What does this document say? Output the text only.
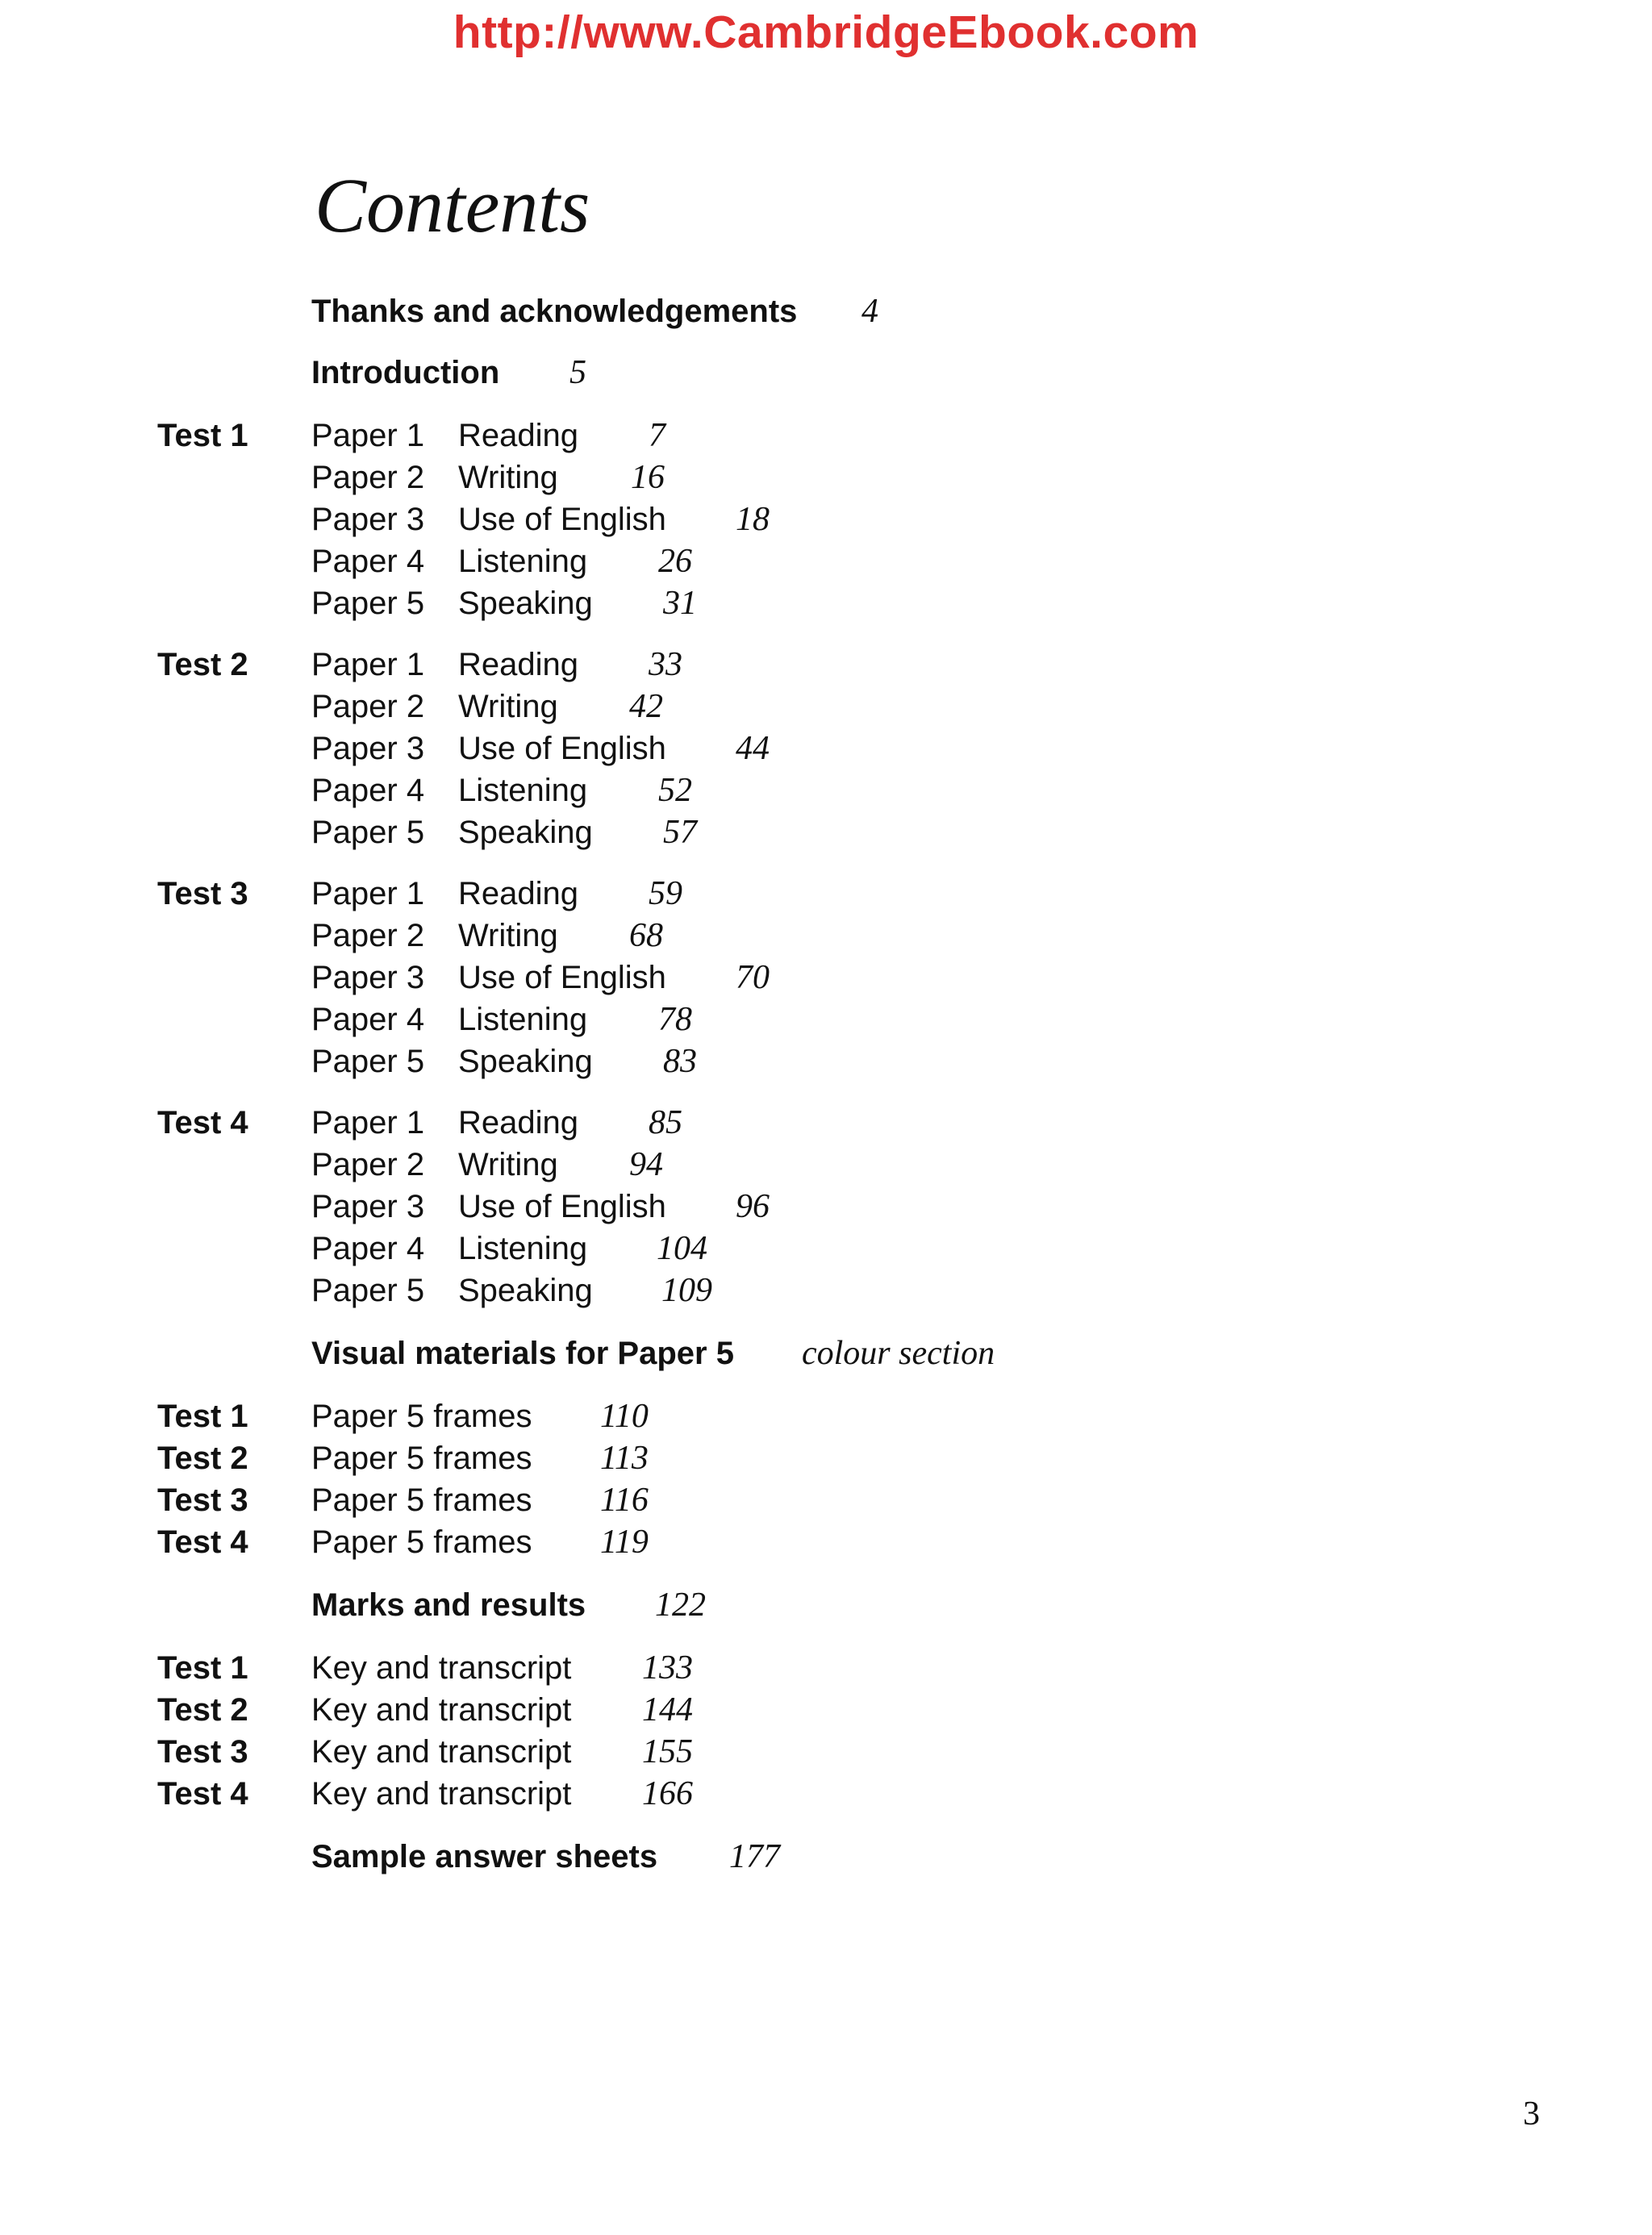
http://www.CambridgeEbook.com
Contents
Thanks and acknowledgements 4
Introduction 5
Test 1 Paper 1 Reading 7
Paper 2 Writing 16
Paper 3 Use of English 18
Paper 4 Listening 26
Paper 5 Speaking 31
Test 2 Paper 1 Reading 33
Paper 2 Writing 42
Paper 3 Use of English 44
Paper 4 Listening 52
Paper 5 Speaking 57
Test 3 Paper 1 Reading 59
Paper 2 Writing 68
Paper 3 Use of English 70
Paper 4 Listening 78
Paper 5 Speaking 83
Test 4 Paper 1 Reading 85
Paper 2 Writing 94
Paper 3 Use of English 96
Paper 4 Listening 104
Paper 5 Speaking 109
Visual materials for Paper 5 colour section
Test 1 Paper 5 frames 110
Test 2 Paper 5 frames 113
Test 3 Paper 5 frames 116
Test 4 Paper 5 frames 119
Marks and results 122
Test 1 Key and transcript 133
Test 2 Key and transcript 144
Test 3 Key and transcript 155
Test 4 Key and transcript 166
Sample answer sheets 177
3
